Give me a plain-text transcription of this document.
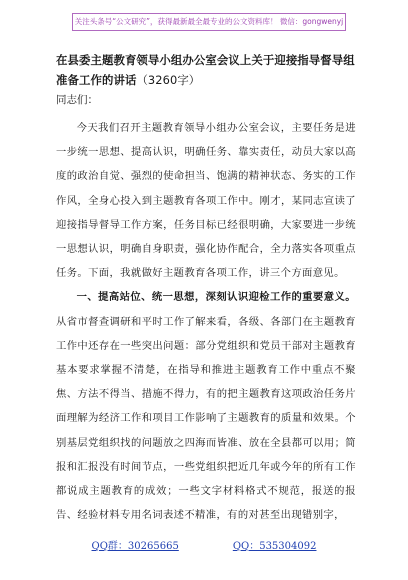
关注头条号“公文研究”，获得最新最全最专业的公文资料库！ 微信：gongwenyj
在县委主题教育领导小组办公室会议上关于迎接指导督导组准备工作的讲话（3260字）
同志们：

今天我们召开主题教育领导小组办公室会议，主要任务是进一步统一思想、提高认识，明确任务、靠实责任，动员大家以高度的政治自觉、强烈的使命担当、饱满的精神状态、务实的工作作风，全身心投入到主题教育各项工作中。刚才，某同志宣读了迎接指导督导工作方案，任务目标已经很明确，大家要进一步统一思想认识，明确自身职责，强化协作配合，全力落实各项重点任务。下面，我就做好主题教育各项工作，讲三个方面意见。

一、提高站位、统一思想，深刻认识迎检工作的重要意义。从省市督查调研和平时工作了解来看，各级、各部门在主题教育工作中还存在一些突出问题：部分党组织和党员干部对主题教育基本要求掌握不清楚，在指导和推进主题教育工作中重点不聚焦、方法不得当、措施不得力，有的把主题教育这项政治任务片面理解为经济工作和项目工作影响了主题教育的质量和效果。个别基层党组织找的问题放之四海而皆准、放在全县都可以用；简报和汇报没有时间节点，一些党组织把近几年或今年的所有工作都说成主题教育的成效；一些文字材料格式不规范，报送的报告、经验材料专用名词表述不精准，有的对甚至出现错别字，

QQ群：30265665	QQ：535304092
